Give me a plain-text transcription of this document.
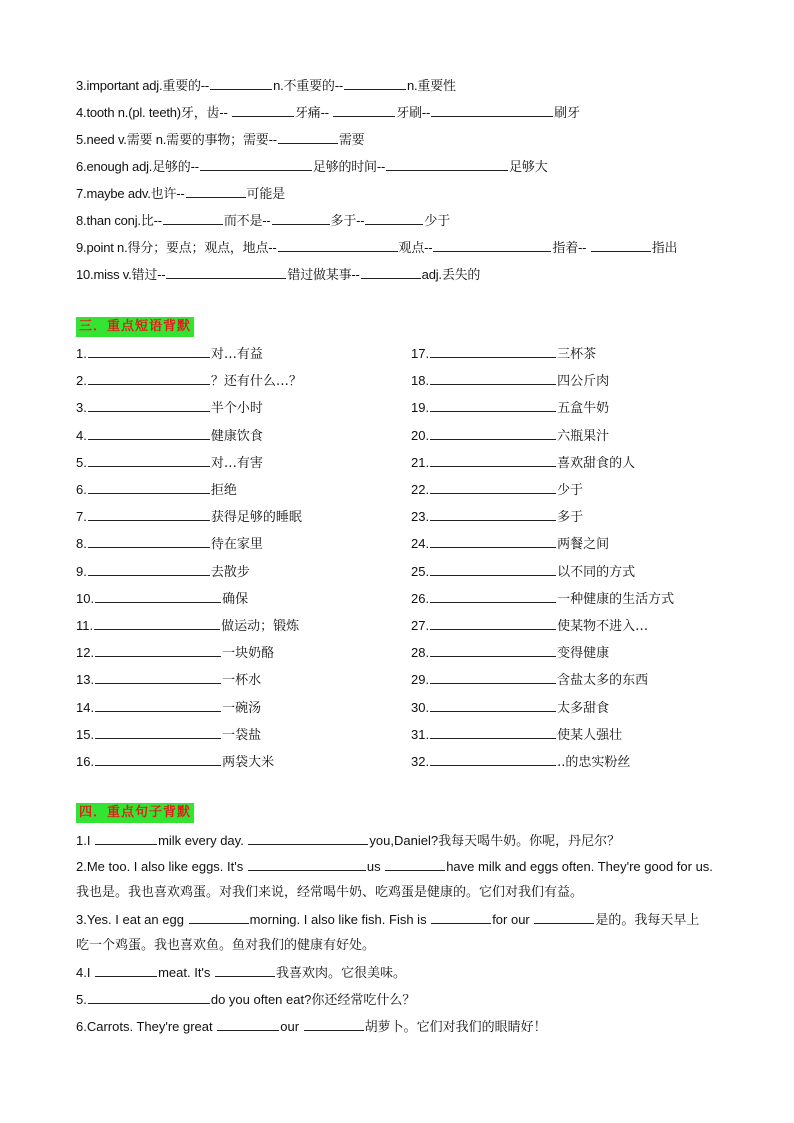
3.important adj.重要的--	n.不重要的--	n.重要性
4.tooth n.(pl. teeth)牙，齿--	牙痛--	牙刷--	刷牙
5.need v.需要 n.需要的事物；需要--	需要
6.enough adj.足够的--	足够的时间--	足够大
7.maybe adv.也许--	可能是
8.than conj.比--	而不是--	多于--	少于
9.point n.得分；要点；观点，地点--	观点--	指着--	指出
10.miss v.错过--	错过做某事--	adj.丢失的
三．重点短语背默
1.	对…有益
2.	？还有什么…？
3.	半个小时
4.	健康饮食
5.	对…有害
6.	拒绝
7.	获得足够的睡眠
8.	待在家里
9.	去散步
10.	确保
11.	做运动；锻炼
12.	一块奶酪
13.	一杯水
14.	一碗汤
15.	一袋盐
16.	两袋大米
17.	三杯茶
18.	四公斤肉
19.	五盒牛奶
20.	六瓶果汁
21.	喜欢甜食的人
22.	少于
23.	多于
24.	两餐之间
25.	以不同的方式
26.	一种健康的生活方式
27.	使某物不进入…
28.	变得健康
29.	含盐太多的东西
30.	太多甜食
31.	使某人强壮
32.	..的忠实粉丝
四．重点句子背默
1.I	milk every day.	you,Daniel?我每天喝牛奶。你呢，丹尼尔？
2.Me too. I also like eggs. It's	us	have milk and eggs often. They're good for us.
我也是。我也喜欢鸡蛋。对我们来说，经常喝牛奶、吃鸡蛋是健康的。它们对我们有益。
3.Yes. I eat an egg	morning. I also like fish. Fish is	for our	是的。我每天早上
吃一个鸡蛋。我也喜欢鱼。鱼对我们的健康有好处。
4.I	meat. It's	我喜欢肉。它很美味。
5.	do you often eat?你还经常吃什么？
6.Carrots. They're great	our	胡萝卜。它们对我们的眼睛好！
